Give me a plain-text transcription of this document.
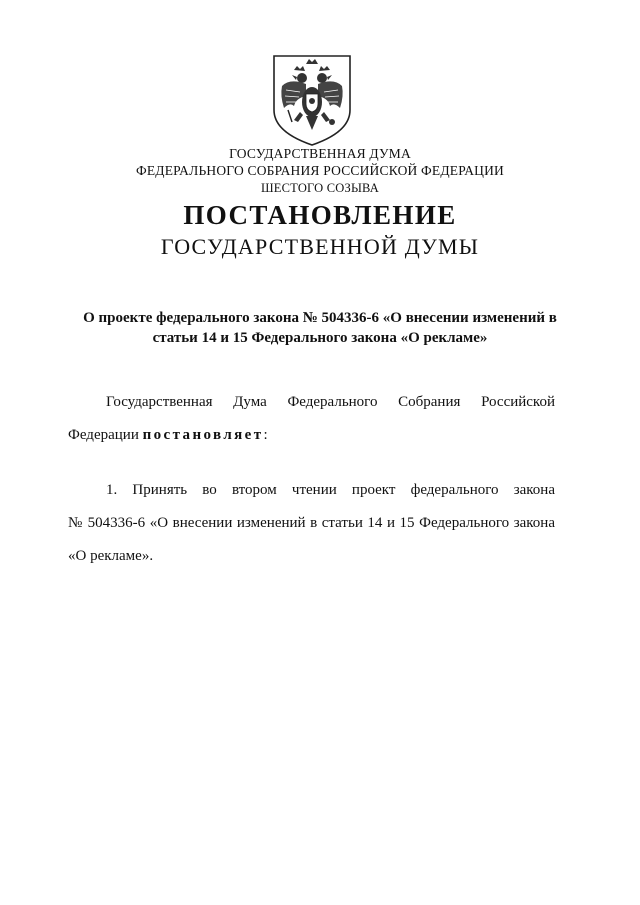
ГОСУДАРСТВЕННАЯ ДУМА
ФЕДЕРАЛЬНОГО СОБРАНИЯ РОССИЙСКОЙ ФЕДЕРАЦИИ
ШЕСТОГО СОЗЫВА
ПОСТАНОВЛЕНИЕ
ГОСУДАРСТВЕННОЙ ДУМЫ
О проекте федерального закона № 504336-6 «О внесении изменений в
статьи 14 и 15 Федерального закона «О рекламе»
Государственная Дума Федерального Собрания Российской
Федерации постановляет:
1. Принять во втором чтении проект федерального закона
№ 504336-6 «О внесении изменений в статьи 14 и 15 Федерального закона
«О рекламе».
